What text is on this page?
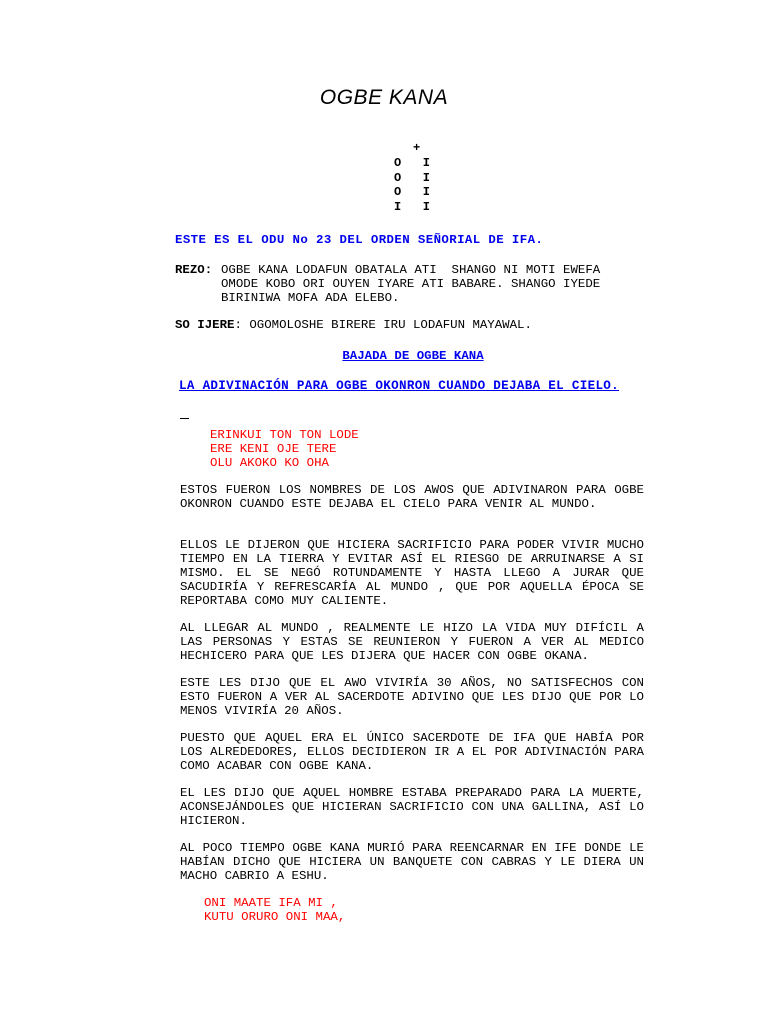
OGBE KANA
+
O   I
O   I
O   I
I   I
ESTE ES EL ODU No 23 DEL ORDEN SEÑORIAL DE IFA.
REZO: OGBE KANA LODAFUN OBATALA ATI  SHANGO NI MOTI EWEFA
OMODE KOBO ORI OUYEN IYARE ATI BABARE. SHANGO IYEDE
BIRINIWA MOFA ADA ELEBO.
SO IJERE: OGOMOLOSHE BIRERE IRU LODAFUN MAYAWAL.
BAJADA DE OGBE KANA
LA ADIVINACIÓN PARA OGBE OKONRON CUANDO DEJABA EL CIELO.
ERINKUI TON TON LODE
ERE KENI OJE TERE
OLU AKOKO KO OHA
ESTOS FUERON LOS NOMBRES DE LOS AWOS QUE ADIVINARON PARA OGBE OKONRON CUANDO ESTE DEJABA EL CIELO PARA VENIR AL MUNDO.
ELLOS LE DIJERON QUE HICIERA SACRIFICIO PARA PODER VIVIR MUCHO TIEMPO EN LA TIERRA Y EVITAR ASÍ EL RIESGO DE ARRUINARSE A SI MISMO. EL SE NEGÓ ROTUNDAMENTE Y HASTA LLEGO A JURAR QUE SACUDIRÍA Y REFRESCARÍA AL MUNDO , QUE POR AQUELLA ÉPOCA SE REPORTABA COMO MUY CALIENTE.
AL LLEGAR AL MUNDO , REALMENTE LE HIZO LA VIDA MUY DIFÍCIL A LAS PERSONAS Y ESTAS SE REUNIERON Y FUERON A VER AL MEDICO HECHICERO PARA QUE LES DIJERA QUE HACER CON OGBE OKANA.
ESTE LES DIJO QUE EL AWO VIVIRÍA 30 AÑOS, NO SATISFECHOS CON ESTO FUERON A VER AL SACERDOTE ADIVINO QUE LES DIJO QUE POR LO MENOS VIVIRÍA 20 AÑOS.
PUESTO QUE AQUEL ERA EL ÚNICO SACERDOTE DE IFA QUE HABÍA POR LOS ALREDEDORES, ELLOS DECIDIERON IR A EL POR ADIVINACIÓN PARA COMO ACABAR CON OGBE KANA.
EL LES DIJO QUE AQUEL HOMBRE ESTABA PREPARADO PARA LA MUERTE, ACONSEJÁNDOLES QUE HICIERAN SACRIFICIO CON UNA GALLINA, ASÍ LO HICIERON.
AL POCO TIEMPO OGBE KANA MURIÓ PARA REENCARNAR EN IFE DONDE LE HABÍAN DICHO QUE HICIERA UN BANQUETE CON CABRAS Y LE DIERA UN MACHO CABRIO A ESHU.
ONI MAATE IFA MI ,
KUTU ORURO ONI MAA,
